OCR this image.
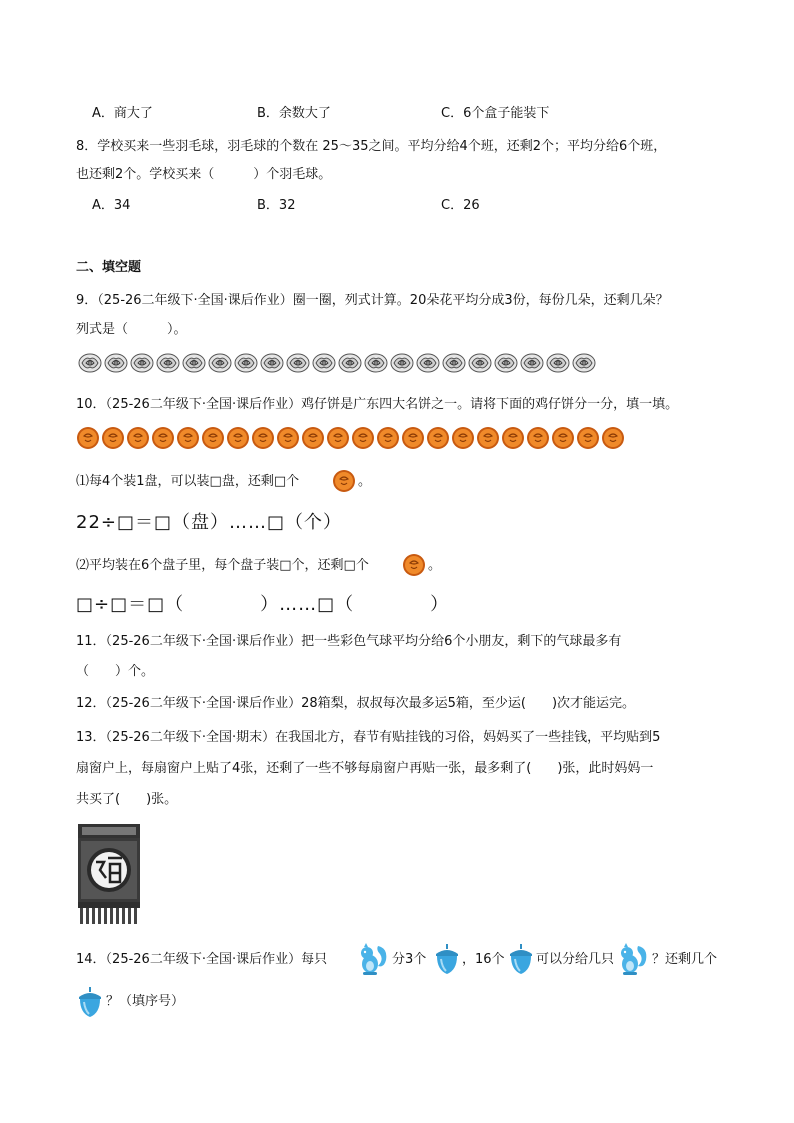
A．商大了	B．余数大了	C．6个盒子能装下
8．学校买来一些羽毛球，羽毛球的个数在 25～35之间。平均分给4个班，还剩2个；平均分给6个班，
也还剩2个。学校买来（　　　）个羽毛球。
A．34	B．32	C．26
二、填空题
9．（25-26二年级下·全国·课后作业）圈一圈，列式计算。20朵花平均分成3份，每份几朵，还剩几朵？
列式是（　　　）。
10．（25-26二年级下·全国·课后作业）鸡仔饼是广东四大名饼之一。请将下面的鸡仔饼分一分，填一填。
⑴每4个装1盘，可以装□盘，还剩□个	。
22÷□＝□（盘）……□（个）
⑵平均装在6个盘子里，每个盘子装□个，还剩□个	。
□÷□＝□（　　　　）……□（　　　　）
11．（25-26二年级下·全国·课后作业）把一些彩色气球平均分给6个小朋友，剩下的气球最多有
（　　）个。
12．（25-26二年级下·全国·课后作业）28箱梨，叔叔每次最多运5箱，至少运(　　)次才能运完。
13．（25-26二年级下·全国·期末）在我国北方，春节有贴挂钱的习俗，妈妈买了一些挂钱，平均贴到5
扇窗户上，每扇窗户上贴了4张，还剩了一些不够每扇窗户再贴一张，最多剩了(　　)张，此时妈妈一
共买了(　　)张。
14．（25-26二年级下·全国·课后作业）每只	分3个	，16个 可以分给几只	？还剩几个
？（填序号）
